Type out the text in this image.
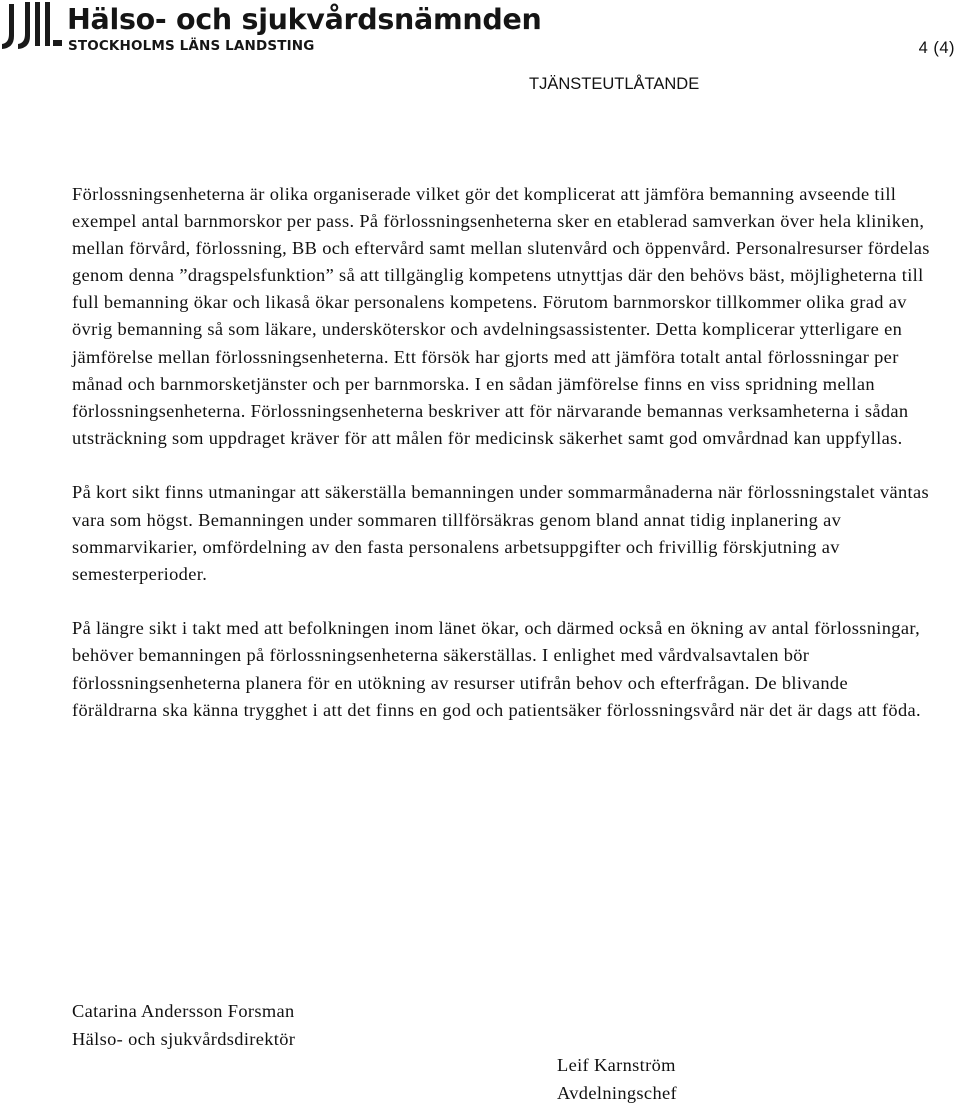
Hälso- och sjukvårdsnämnden
STOCKHOLMS LÄNS LANDSTING	4 (4)
TJÄNSTEUTLÅTANDE

Förlossningsenheterna är olika organiserade vilket gör det komplicerat att jämföra bemanning avseende till exempel antal barnmorskor per pass. På förlossningsenheterna sker en etablerad samverkan över hela kliniken, mellan förvård, förlossning, BB och eftervård samt mellan slutenvård och öppenvård. Personalresurser fördelas genom denna ”dragspelsfunktion” så att tillgänglig kompetens utnyttjas där den behövs bäst, möjligheterna till full bemanning ökar och likaså ökar personalens kompetens. Förutom barnmorskor tillkommer olika grad av övrig bemanning så som läkare, undersköterskor och avdelningsassistenter. Detta komplicerar ytterligare en jämförelse mellan förlossningsenheterna. Ett försök har gjorts med att jämföra totalt antal förlossningar per månad och barnmorsketjänster och per barnmorska. I en sådan jämförelse finns en viss spridning mellan förlossningsenheterna. Förlossningsenheterna beskriver att för närvarande bemannas verksamheterna i sådan utsträckning som uppdraget kräver för att målen för medicinsk säkerhet samt god omvårdnad kan uppfyllas.

På kort sikt finns utmaningar att säkerställa bemanningen under sommarmånaderna när förlossningstalet väntas vara som högst. Bemanningen under sommaren tillförsäkras genom bland annat tidig inplanering av sommarvikarier, omfördelning av den fasta personalens arbetsuppgifter och frivillig förskjutning av semesterperioder.

På längre sikt i takt med att befolkningen inom länet ökar, och därmed också en ökning av antal förlossningar, behöver bemanningen på förlossningsenheterna säkerställas. I enlighet med vårdvalsavtalen bör förlossningsenheterna planera för en utökning av resurser utifrån behov och efterfrågan. De blivande föräldrarna ska känna trygghet i att det finns en god och patientsäker förlossningsvård när det är dags att föda.

Catarina Andersson Forsman
Hälso- och sjukvårdsdirektör
Leif Karnström
Avdelningschef
